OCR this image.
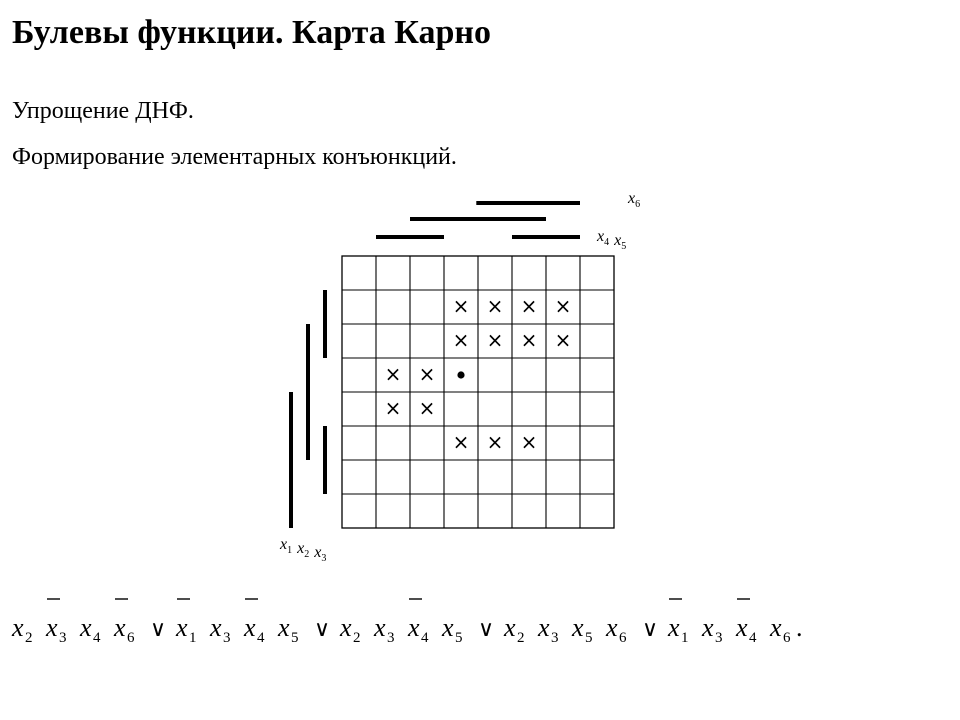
Булевы функции. Карта Карно
Упрощение ДНФ.
Формирование элементарных конъюнкций.
$x_6$
$x_4$ $x_5$
$x_1$ $x_2$ $x_3$
× × × ×
× × × ×
× ×
× ×
× × ×
x 2 x 3 x 4 x 6 ∨ x 1 x 3 x 4 x 5 ∨ x 2 x 3 x 4 x 5 ∨ x 2 x 3 x 5 x 6 ∨ x 1 x 3 x 4 x 6 .
